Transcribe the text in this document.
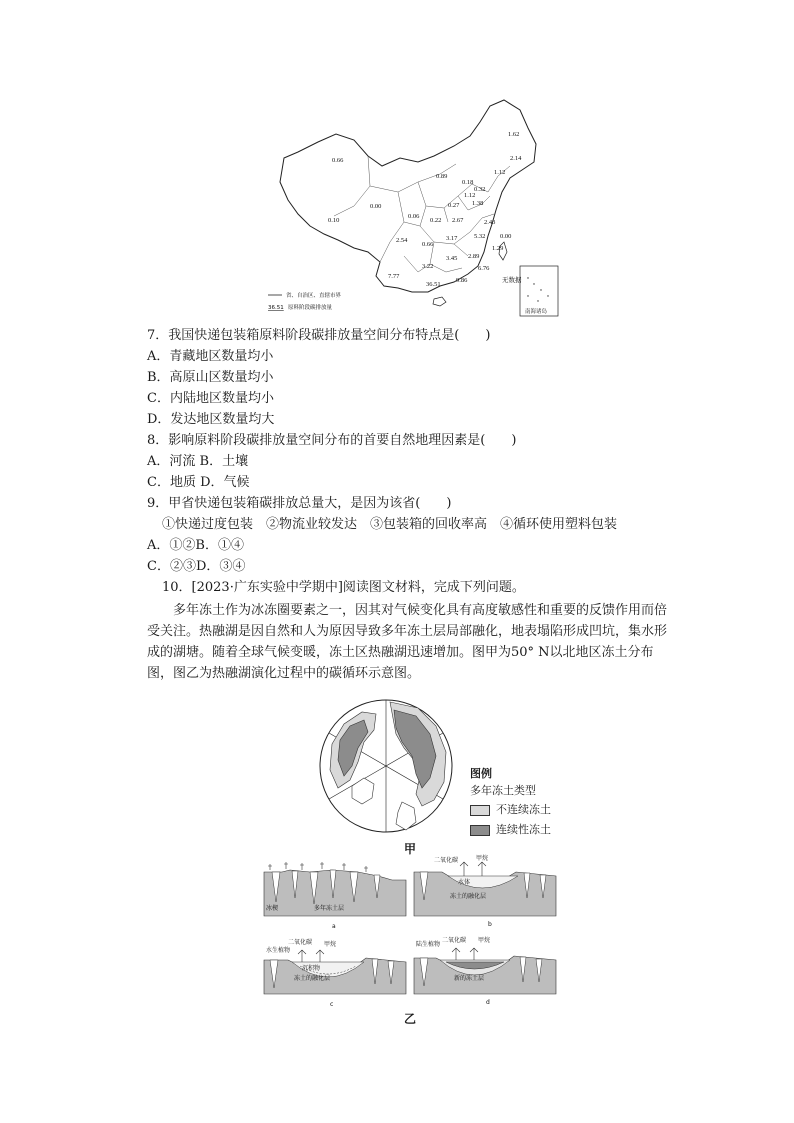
南海诸岛
1.62
2.14
0.66
1.12
0.89
0.18
0.32
1.12
1.38
0.10
0.00
0.06
0.22
0.27
2.67	2.43
0.00
5.32
2.54
0.66
3.17
1.29
2.89
3.45
6.76
3.22
7.77
9.86
36.51
无数据
省、自治区、直辖市界
36.51 原料阶段碳排放量
7．我国快递包装箱原料阶段碳排放量空间分布特点是(　　)
A．青藏地区数量均小
B．高原山区数量均小
C．内陆地区数量均小
D．发达地区数量均大
8．影响原料阶段碳排放量空间分布的首要自然地理因素是(　　)
A．河流 B．土壤
C．地质 D．气候
9．甲省快递包装箱碳排放总量大，是因为该省(　　)
①快递过度包装　②物流业较发达　③包装箱的回收率高　④循环使用塑料包装
A．①②B．①④
C．②③D．③④
10．[2023·广东实验中学期中]阅读图文材料，完成下列问题。
多年冻土作为冰冻圈要素之一，因其对气候变化具有高度敏感性和重要的反馈作用而倍受关注。热融湖是因自然和人为原因导致多年冻土层局部融化，地表塌陷形成凹坑，集水形成的湖塘。随着全球气候变暖，冻土区热融湖迅速增加。图甲为50° N以北地区冻土分布图，图乙为热融湖演化过程中的碳循环示意图。
图例
多年冻土类型
不连续冻土
连续性冻土
甲
冰楔	多年冻土层
a
二氧化碳	甲烷
水体
冻土的融化层
b
二氧化碳 甲烷
水生植物
沉积物
冻土的融化层
c
陆生植物
二氧化碳 甲烷
新的冻土层
d
乙
